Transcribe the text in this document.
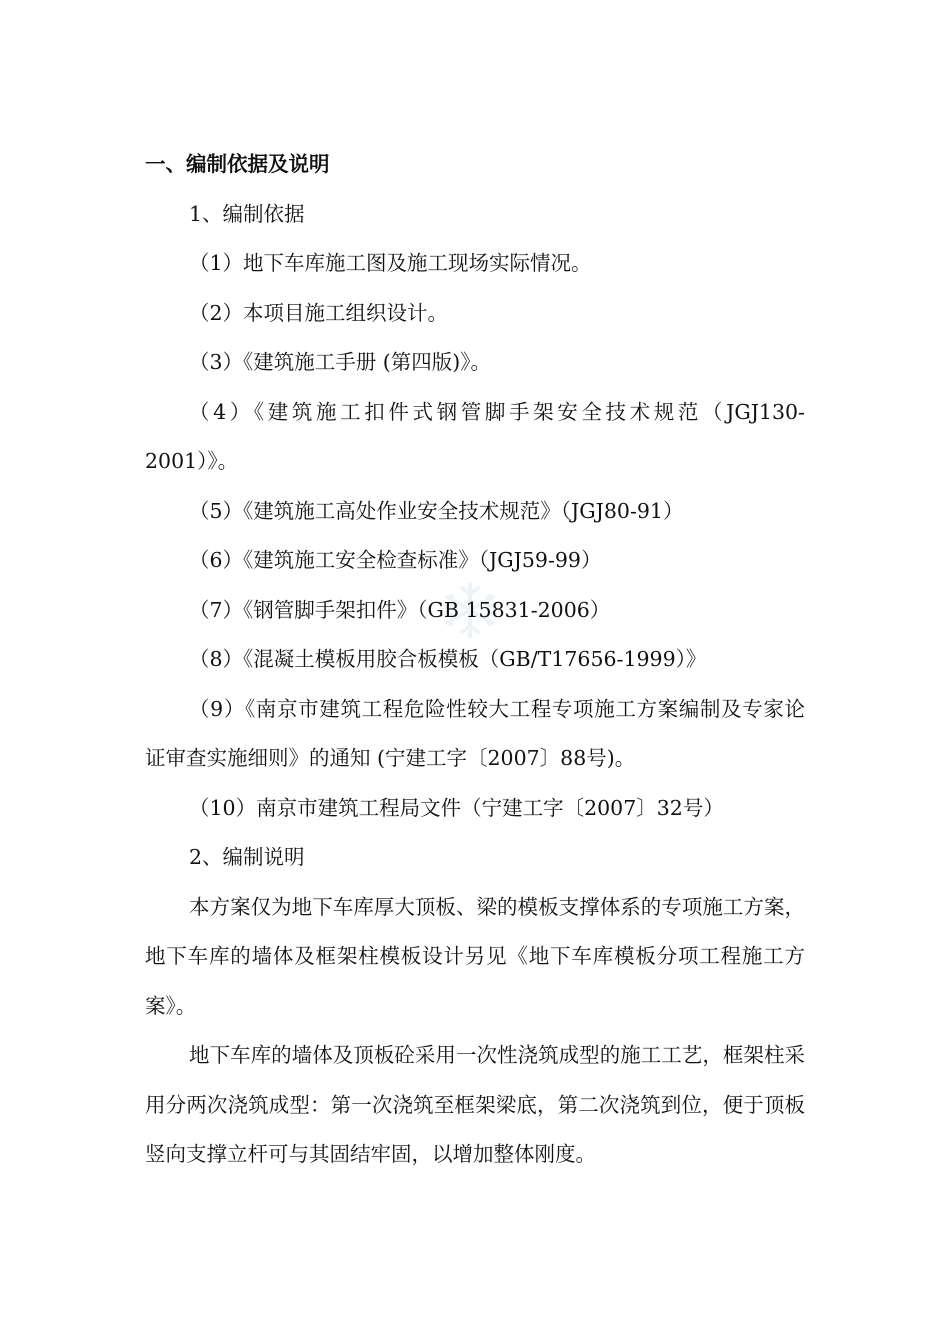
一、编制依据及说明

1、编制依据

（1）地下车库施工图及施工现场实际情况。

（2）本项目施工组织设计。

（3）《建筑施工手册 (第四版)》。

（4）《建筑施工扣件式钢管脚手架安全技术规范（JGJ130-2001）》。

（5）《建筑施工高处作业安全技术规范》（JGJ80-91）

（6）《建筑施工安全检查标准》（JGJ59-99）

（7）《钢管脚手架扣件》（GB 15831-2006）

（8）《混凝土模板用胶合板模板（GB/T17656-1999）》

（9）《南京市建筑工程危险性较大工程专项施工方案编制及专家论证审查实施细则》的通知 (宁建工字〔2007〕88号)。

（10）南京市建筑工程局文件（宁建工字〔2007〕32号）

2、编制说明

本方案仅为地下车库厚大顶板、梁的模板支撑体系的专项施工方案，地下车库的墙体及框架柱模板设计另见《地下车库模板分项工程施工方案》。

地下车库的墙体及顶板砼采用一次性浇筑成型的施工工艺，框架柱采用分两次浇筑成型：第一次浇筑至框架梁底，第二次浇筑到位，便于顶板竖向支撑立杆可与其固结牢固，以增加整体刚度。
